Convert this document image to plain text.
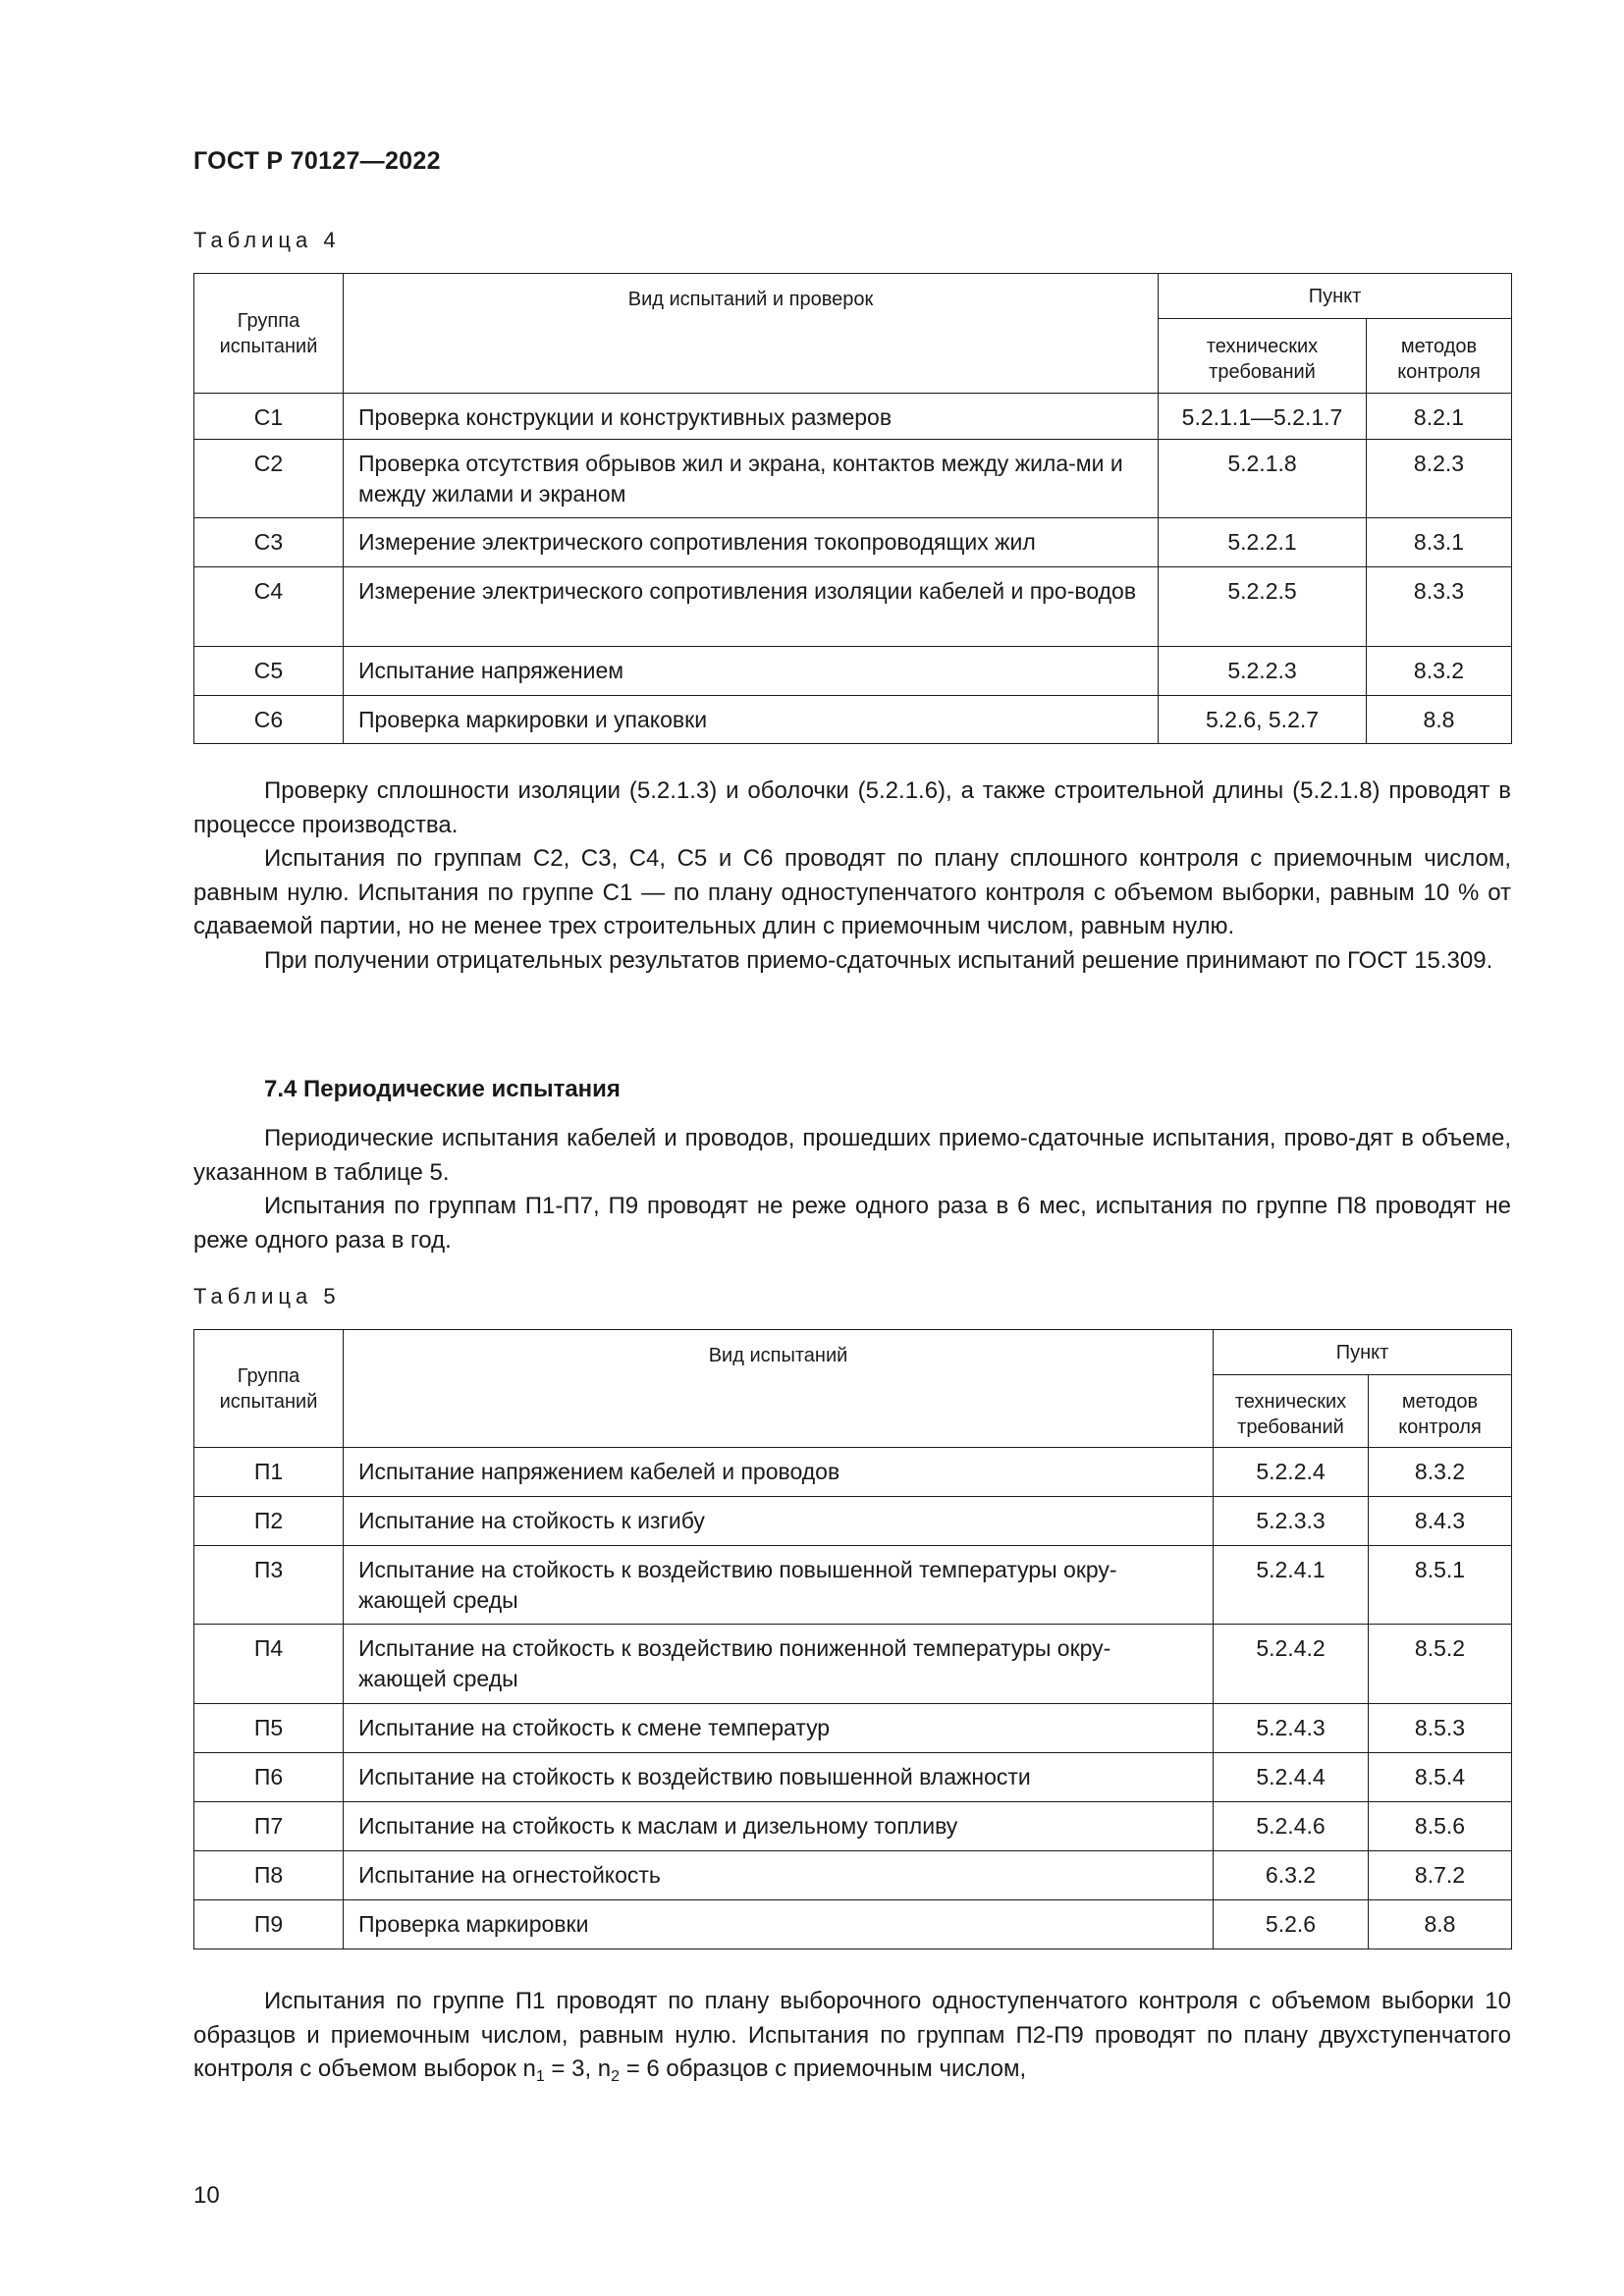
ГОСТ Р 70127—2022
Таблица 4
Группа испытаний	Вид испытаний и проверок	Пункт	
		технических требований	методов контроля
С1	Проверка конструкции и конструктивных размеров	5.2.1.1—5.2.1.7	8.2.1
С2	Проверка отсутствия обрывов жил и экрана, контактов между жила-ми и между жилами и экраном	5.2.1.8	8.2.3
С3	Измерение электрического сопротивления токопроводящих жил	5.2.2.1	8.3.1
С4	Измерение электрического сопротивления изоляции кабелей и про-водов	5.2.2.5	8.3.3
С5	Испытание напряжением	5.2.2.3	8.3.2
С6	Проверка маркировки и упаковки	5.2.6, 5.2.7	8.8

Проверку сплошности изоляции (5.2.1.3) и оболочки (5.2.1.6), а также строительной длины (5.2.1.8) проводят в процессе производства.

Испытания по группам С2, С3, С4, С5 и С6 проводят по плану сплошного контроля с приемочным числом, равным нулю. Испытания по группе С1 — по плану одноступенчатого контроля с объемом выборки, равным 10 % от сдаваемой партии, но не менее трех строительных длин с приемочным числом, равным нулю.

При получении отрицательных результатов приемо-сдаточных испытаний решение принимают по ГОСТ 15.309.

7.4 Периодические испытания

Периодические испытания кабелей и проводов, прошедших приемо-сдаточные испытания, прово-дят в объеме, указанном в таблице 5.

Испытания по группам П1-П7, П9 проводят не реже одного раза в 6 мес, испытания по группе П8 проводят не реже одного раза в год.

Таблица 5
Группа испытаний	Вид испытаний	Пункт	
		технических требований	методов контроля
П1	Испытание напряжением кабелей и проводов	5.2.2.4	8.3.2
П2	Испытание на стойкость к изгибу	5.2.3.3	8.4.3
П3	Испытание на стойкость к воздействию повышенной температуры окру-жающей среды	5.2.4.1	8.5.1
П4	Испытание на стойкость к воздействию пониженной температуры окру-жающей среды	5.2.4.2	8.5.2
П5	Испытание на стойкость к смене температур	5.2.4.3	8.5.3
П6	Испытание на стойкость к воздействию повышенной влажности	5.2.4.4	8.5.4
П7	Испытание на стойкость к маслам и дизельному топливу	5.2.4.6	8.5.6
П8	Испытание на огнестойкость	6.3.2	8.7.2
П9	Проверка маркировки	5.2.6	8.8

Испытания по группе П1 проводят по плану выборочного одноступенчатого контроля с объемом выборки 10 образцов и приемочным числом, равным нулю. Испытания по группам П2-П9 проводят по плану двухступенчатого контроля с объемом выборок $n_1 = 3$, $n_2 = 6$ образцов с приемочным числом,

10
